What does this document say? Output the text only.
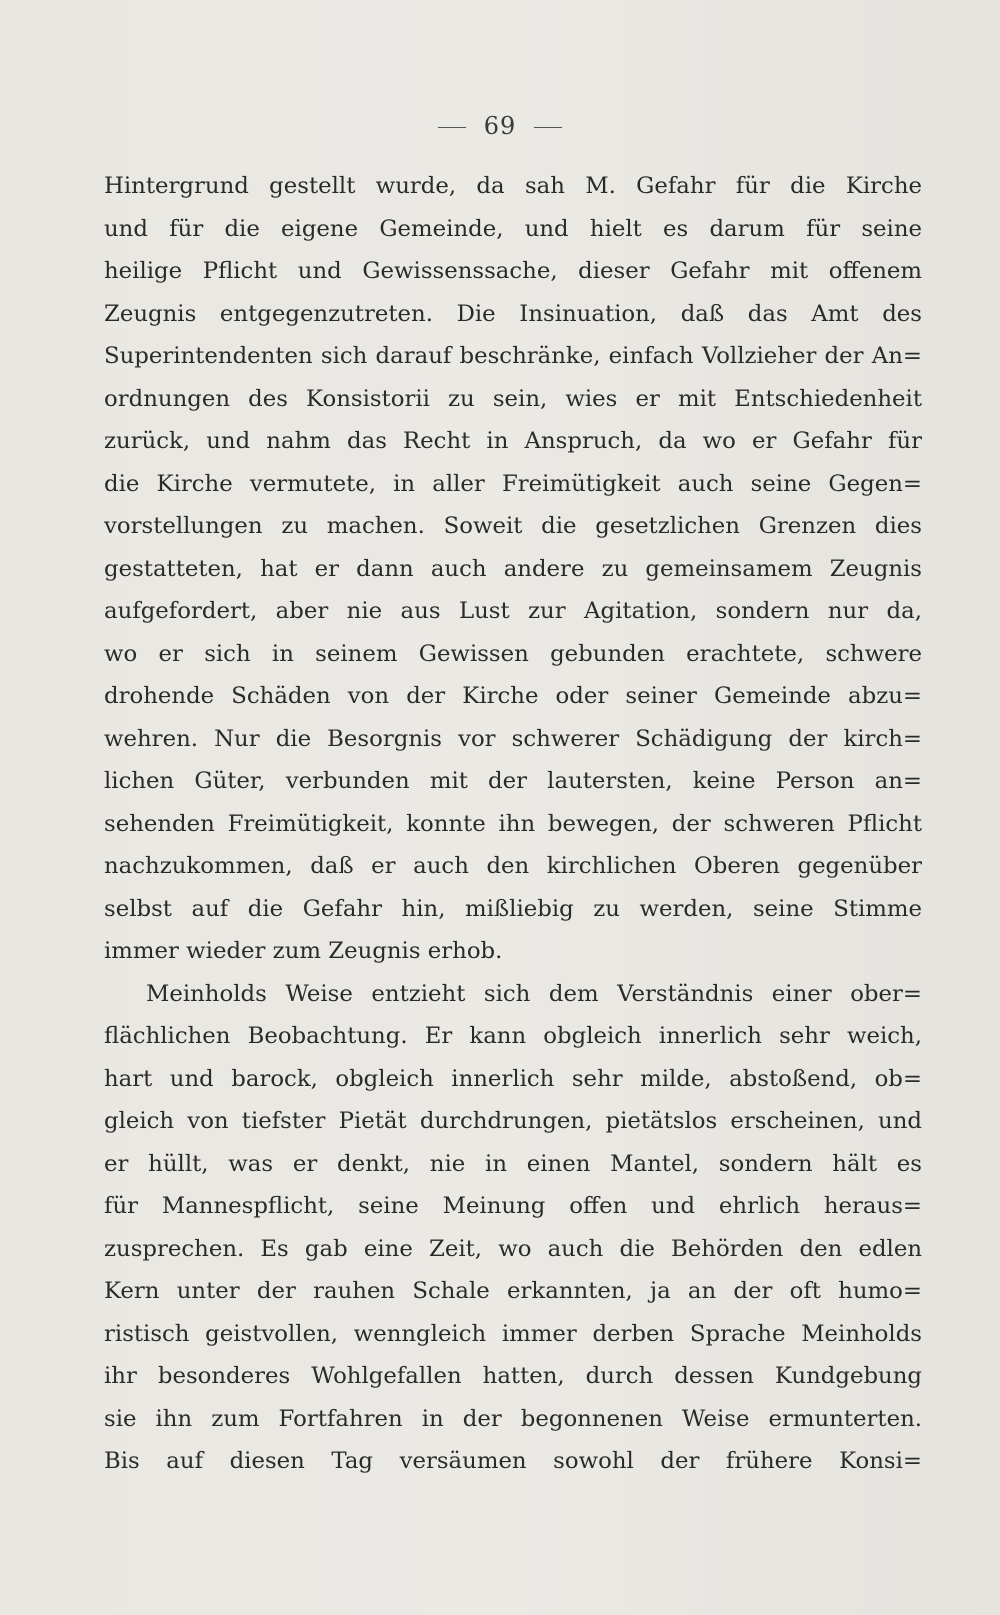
69
Hintergrund gestellt wurde, da sah M. Gefahr für die Kirche
und für die eigene Gemeinde, und hielt es darum für seine
heilige Pflicht und Gewissenssache, dieser Gefahr mit offenem
Zeugnis entgegenzutreten. Die Insinuation, daß das Amt des
Superintendenten sich darauf beschränke, einfach Vollzieher der An=
ordnungen des Konsistorii zu sein, wies er mit Entschiedenheit
zurück, und nahm das Recht in Anspruch, da wo er Gefahr für
die Kirche vermutete, in aller Freimütigkeit auch seine Gegen=
vorstellungen zu machen. Soweit die gesetzlichen Grenzen dies
gestatteten, hat er dann auch andere zu gemeinsamem Zeugnis
aufgefordert, aber nie aus Lust zur Agitation, sondern nur da,
wo er sich in seinem Gewissen gebunden erachtete, schwere
drohende Schäden von der Kirche oder seiner Gemeinde abzu=
wehren. Nur die Besorgnis vor schwerer Schädigung der kirch=
lichen Güter, verbunden mit der lautersten, keine Person an=
sehenden Freimütigkeit, konnte ihn bewegen, der schweren Pflicht
nachzukommen, daß er auch den kirchlichen Oberen gegenüber
selbst auf die Gefahr hin, mißliebig zu werden, seine Stimme
immer wieder zum Zeugnis erhob.
Meinholds Weise entzieht sich dem Verständnis einer ober=
flächlichen Beobachtung. Er kann obgleich innerlich sehr weich,
hart und barock, obgleich innerlich sehr milde, abstoßend, ob=
gleich von tiefster Pietät durchdrungen, pietätslos erscheinen, und
er hüllt, was er denkt, nie in einen Mantel, sondern hält es
für Mannespflicht, seine Meinung offen und ehrlich heraus=
zusprechen. Es gab eine Zeit, wo auch die Behörden den edlen
Kern unter der rauhen Schale erkannten, ja an der oft humo=
ristisch geistvollen, wenngleich immer derben Sprache Meinholds
ihr besonderes Wohlgefallen hatten, durch dessen Kundgebung
sie ihn zum Fortfahren in der begonnenen Weise ermunterten.
Bis auf diesen Tag versäumen sowohl der frühere Konsi=
